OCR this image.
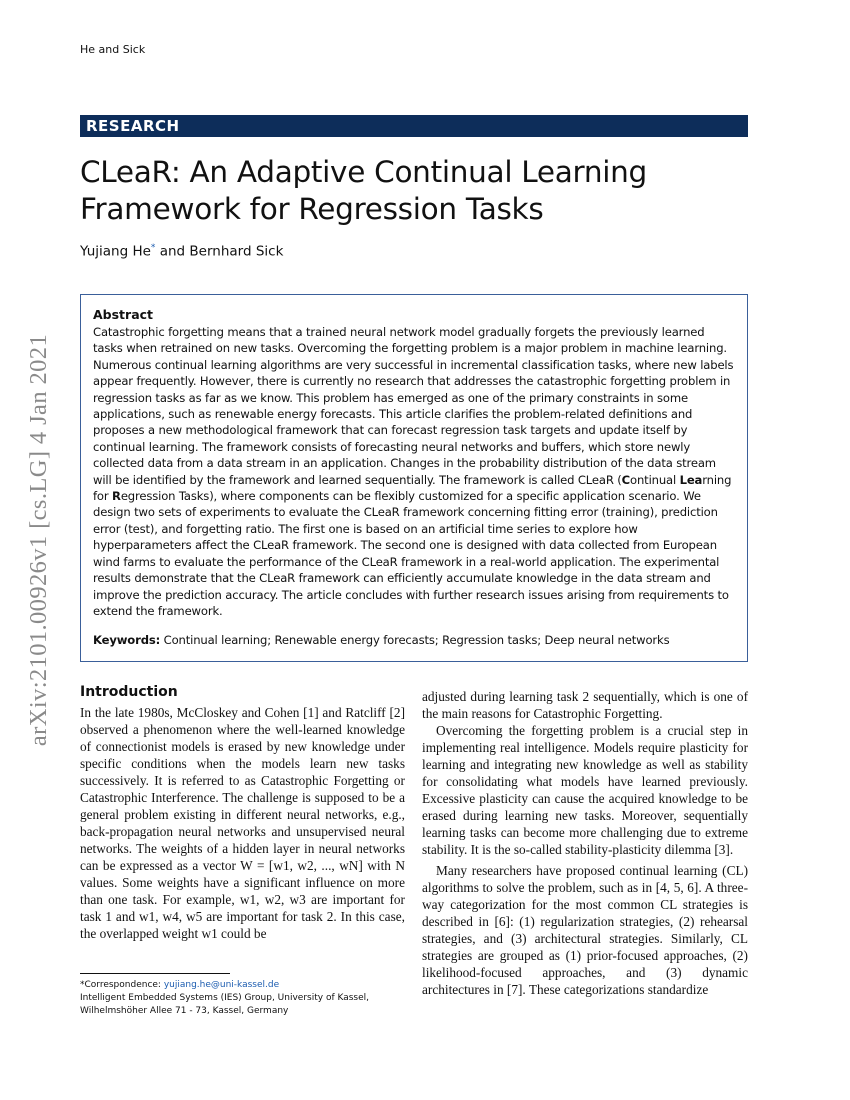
He and Sick
RESEARCH
CLeaR: An Adaptive Continual Learning Framework for Regression Tasks
Yujiang He* and Bernhard Sick
arXiv:2101.00926v1 [cs.LG] 4 Jan 2021
Abstract
Catastrophic forgetting means that a trained neural network model gradually forgets the previously learned tasks when retrained on new tasks. Overcoming the forgetting problem is a major problem in machine learning. Numerous continual learning algorithms are very successful in incremental classification tasks, where new labels appear frequently. However, there is currently no research that addresses the catastrophic forgetting problem in regression tasks as far as we know. This problem has emerged as one of the primary constraints in some applications, such as renewable energy forecasts. This article clarifies the problem-related definitions and proposes a new methodological framework that can forecast regression task targets and update itself by continual learning. The framework consists of forecasting neural networks and buffers, which store newly collected data from a data stream in an application. Changes in the probability distribution of the data stream will be identified by the framework and learned sequentially. The framework is called CLeaR (Continual Learning for Regression Tasks), where components can be flexibly customized for a specific application scenario. We design two sets of experiments to evaluate the CLeaR framework concerning fitting error (training), prediction error (test), and forgetting ratio. The first one is based on an artificial time series to explore how hyperparameters affect the CLeaR framework. The second one is designed with data collected from European wind farms to evaluate the performance of the CLeaR framework in a real-world application. The experimental results demonstrate that the CLeaR framework can efficiently accumulate knowledge in the data stream and improve the prediction accuracy. The article concludes with further research issues arising from requirements to extend the framework.
Keywords: Continual learning; Renewable energy forecasts; Regression tasks; Deep neural networks
Introduction

In the late 1980s, McCloskey and Cohen [1] and Ratcliff [2] observed a phenomenon where the well-learned knowledge of connectionist models is erased by new knowledge under specific conditions when the models learn new tasks successively. It is referred to as Catastrophic Forgetting or Catastrophic Interference. The challenge is supposed to be a general problem existing in different neural networks, e.g., back-propagation neural networks and unsupervised neural networks. The weights of a hidden layer in neural networks can be expressed as a vector W = [w1, w2, ..., wN] with N values. Some weights have a significant influence on more than one task. For example, w1, w2, w3 are important for task 1 and w1, w4, w5 are important for task 2. In this case, the overlapped weight w1 could be

adjusted during learning task 2 sequentially, which is one of the main reasons for Catastrophic Forgetting.

Overcoming the forgetting problem is a crucial step in implementing real intelligence. Models require plasticity for learning and integrating new knowledge as well as stability for consolidating what models have learned previously. Excessive plasticity can cause the acquired knowledge to be erased during learning new tasks. Moreover, sequentially learning tasks can become more challenging due to extreme stability. It is the so-called stability-plasticity dilemma [3].

Many researchers have proposed continual learning (CL) algorithms to solve the problem, such as in [4, 5, 6]. A three-way categorization for the most common CL strategies is described in [6]: (1) regularization strategies, (2) rehearsal strategies, and (3) architectural strategies. Similarly, CL strategies are grouped as (1) prior-focused approaches, (2) likelihood-focused approaches, and (3) dynamic architectures in [7]. These categorizations standardize

*Correspondence: yujiang.he@uni-kassel.de
Intelligent Embedded Systems (IES) Group, University of Kassel,
Wilhelmshöher Allee 71 - 73, Kassel, Germany
